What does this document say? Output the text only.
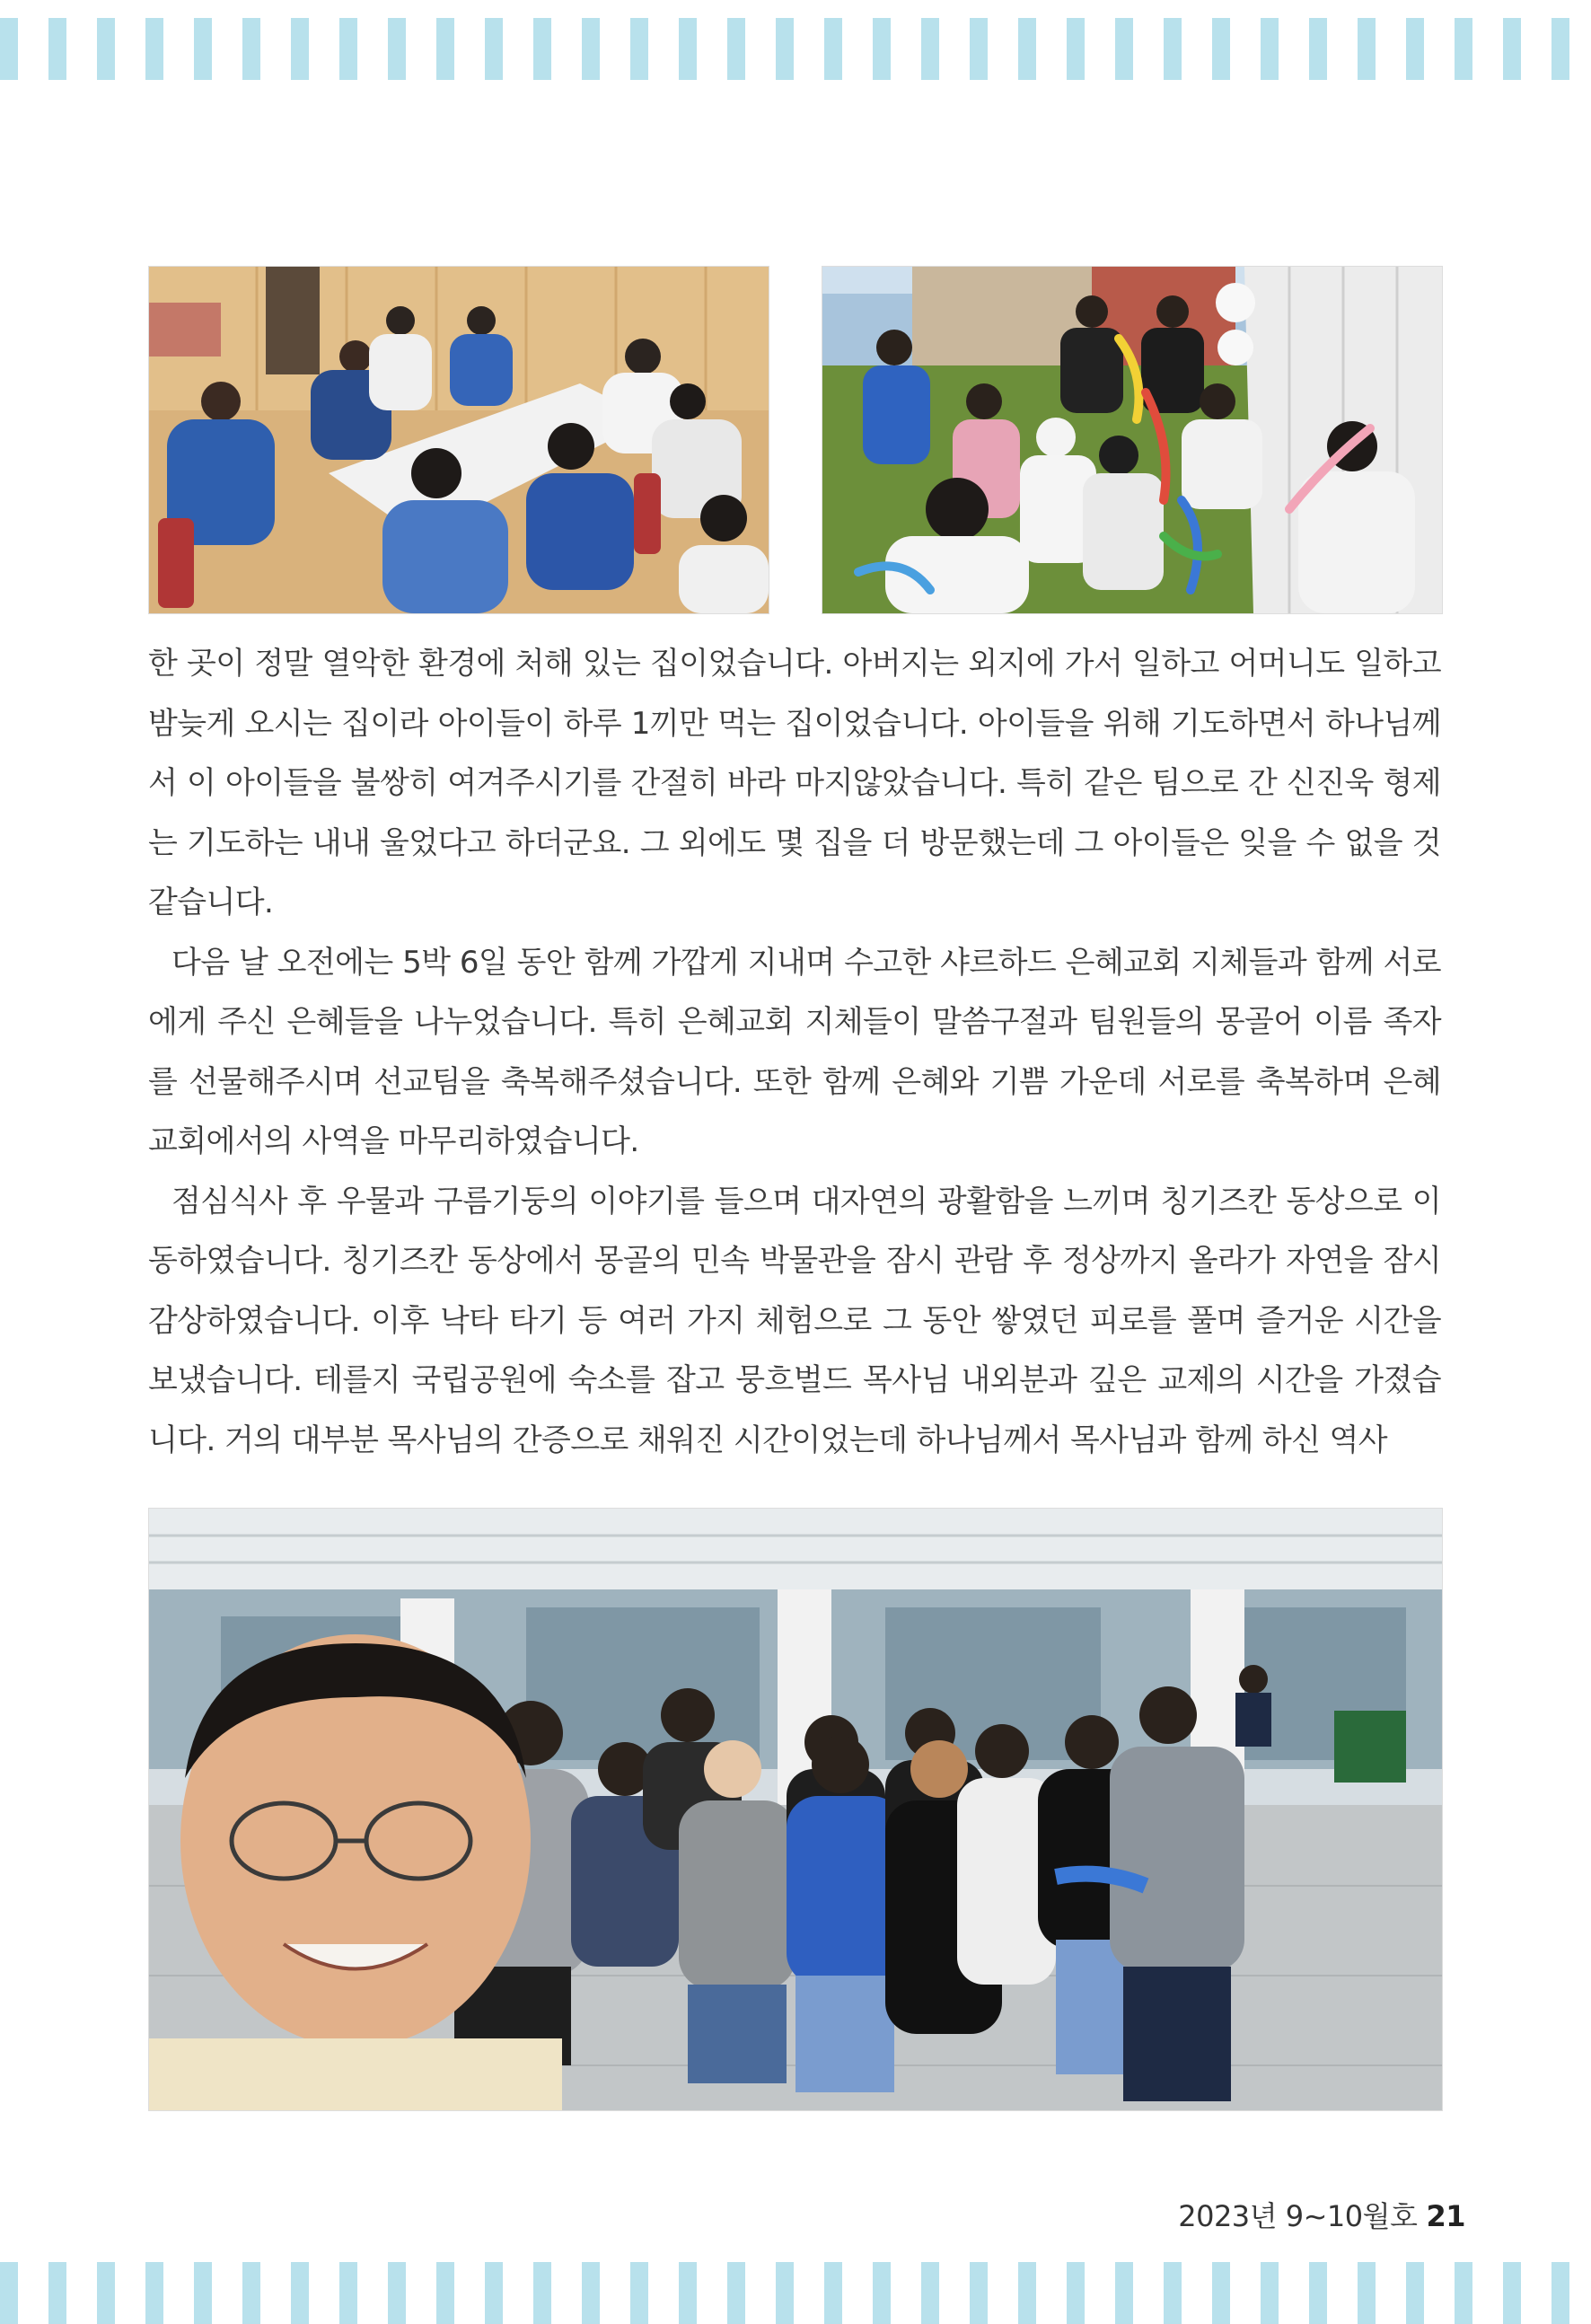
한 곳이 정말 열악한 환경에 처해 있는 집이었습니다. 아버지는 외지에 가서 일하고 어머니도 일하고 밤늦게 오시는 집이라 아이들이 하루 1끼만 먹는 집이었습니다. 아이들을 위해 기도하면서 하나님께서 이 아이들을 불쌍히 여겨주시기를 간절히 바라 마지않았습니다. 특히 같은 팀으로 간 신진욱 형제는 기도하는 내내 울었다고 하더군요. 그 외에도 몇 집을 더 방문했는데 그 아이들은 잊을 수 없을 것 같습니다.

다음 날 오전에는 5박 6일 동안 함께 가깝게 지내며 수고한 샤르하드 은혜교회 지체들과 함께 서로에게 주신 은혜들을 나누었습니다. 특히 은혜교회 지체들이 말씀구절과 팀원들의 몽골어 이름 족자를 선물해주시며 선교팀을 축복해주셨습니다. 또한 함께 은혜와 기쁨 가운데 서로를 축복하며 은혜교회에서의 사역을 마무리하였습니다.

점심식사 후 우물과 구름기둥의 이야기를 들으며 대자연의 광활함을 느끼며 칭기즈칸 동상으로 이동하였습니다. 칭기즈칸 동상에서 몽골의 민속 박물관을 잠시 관람 후 정상까지 올라가 자연을 잠시 감상하였습니다. 이후 낙타 타기 등 여러 가지 체험으로 그 동안 쌓였던 피로를 풀며 즐거운 시간을 보냈습니다. 테를지 국립공원에 숙소를 잡고 뭉흐벌드 목사님 내외분과 깊은 교제의 시간을 가졌습니다. 거의 대부분 목사님의 간증으로 채워진 시간이었는데 하나님께서 목사님과 함께 하신 역사

2023년 9~10월호 21
